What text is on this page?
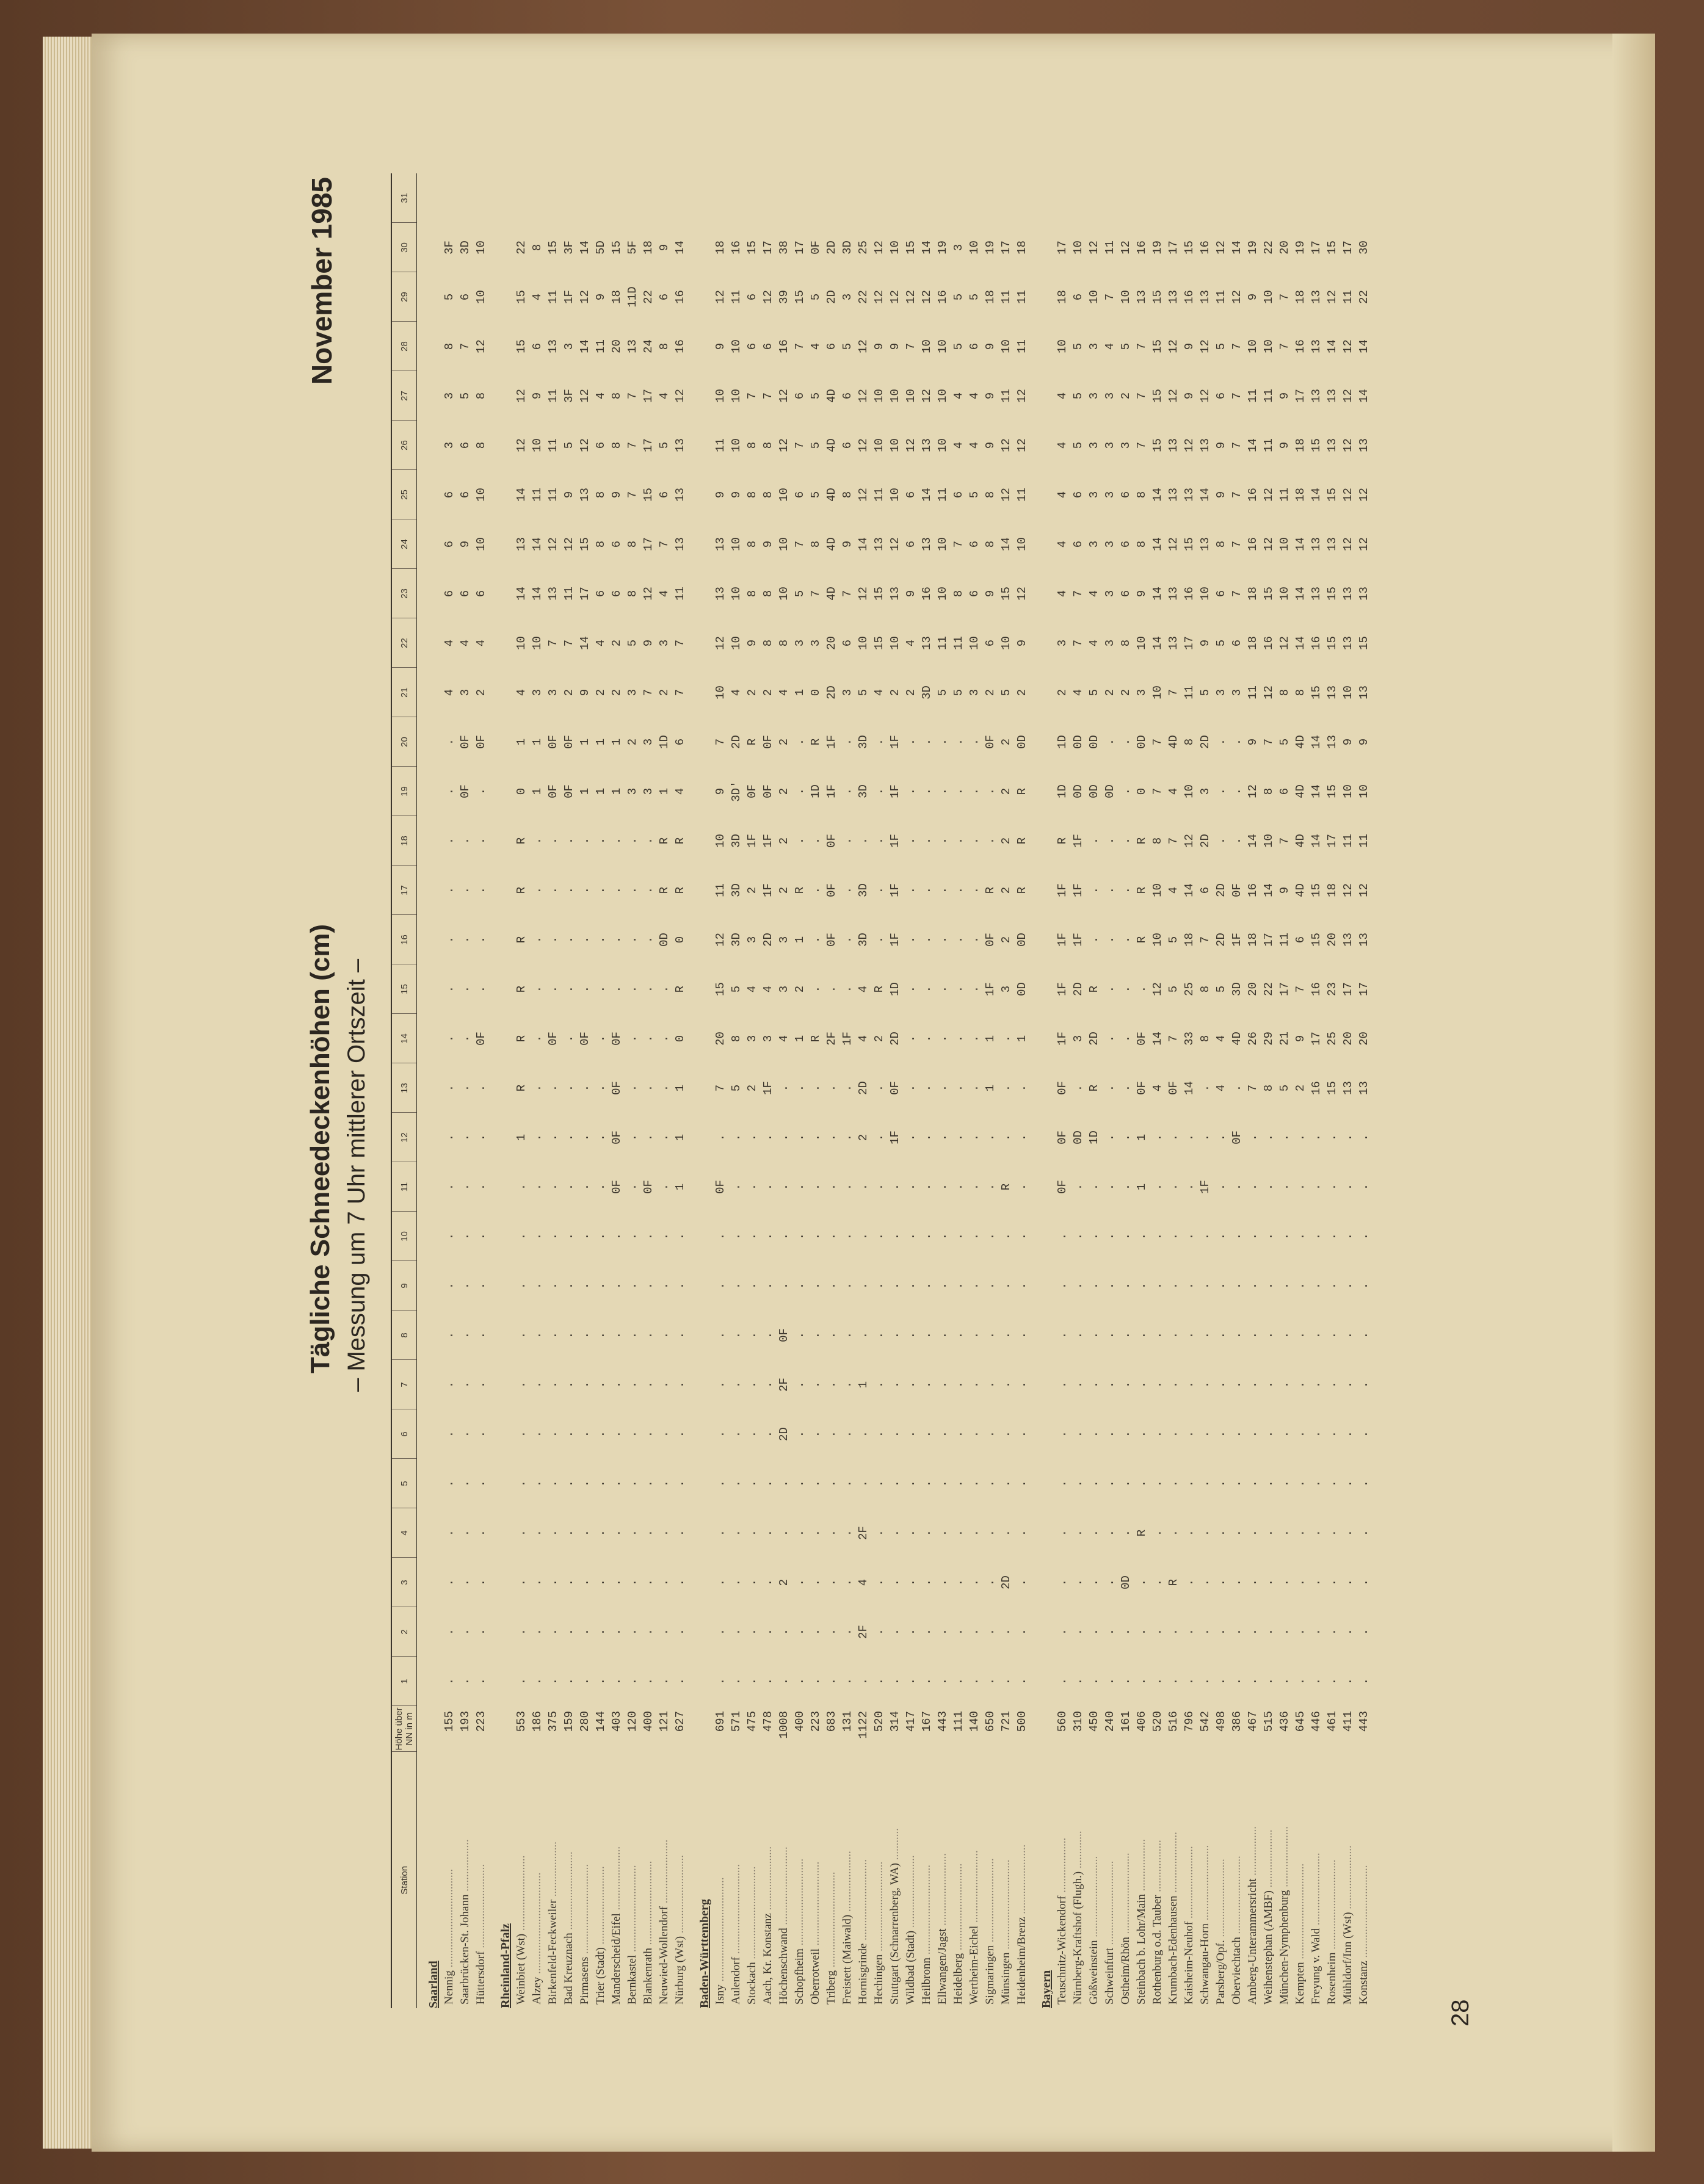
Tägliche Schneedeckenhöhen (cm) – Messung um 7 Uhr mittlerer Ortszeit –
November 1985
28
Station	Höhe über NN in m	1	2	3	4	5	6	7	8	9	10	11	12	13	14	15	16	17	18	19	20	21	22	23	24	25	26	27	28	29	30	31
Saarland																																
Nennig ..................................	155	.	.	.	.	.	.	.	.	.	.	.	.	.	.	.	.	.	.	.	.	4	4	6	6	6	3	3	8	5	3F	
Saarbrücken-St. Johann ..................	193	.	.	.	.	.	.	.	.	.	.	.	.	.	.	.	.	.	.	0F	0F	3	4	6	9	6	6	5	7	6	3D	
Hüttersdorf .............................	223	.	.	.	.	.	.	.	.	.	.	.	.	.	0F	.	.	.	.	.	0F	2	4	6	10	10	8	8	12	10	10	
Rheinland-Pfalz																																
Weinbiet (Wst) ..........................	553	.	.	.	.	.	.	.	.	.	.	.	1	R	R	R	R	R	R	0	1	4	10	14	13	14	12	12	15	15	22	
Alzey ...................................	186	.	.	.	.	.	.	.	.	.	.	.	.	.	.	.	.	.	.	1	1	3	10	14	14	11	10	9	6	4	8	
Birkenfeld-Feckweiler ...................	375	.	.	.	.	.	.	.	.	.	.	.	.	.	0F	.	.	.	.	0F	0F	3	7	13	12	11	11	11	13	11	15	
Bad Kreuznach ...........................	159	.	.	.	.	.	.	.	.	.	.	.	.	.	.	.	.	.	.	0F	0F	2	7	11	12	9	5	3F	3	1F	3F	
Pirmasens ...............................	280	.	.	.	.	.	.	.	.	.	.	.	.	.	0F	.	.	.	.	1	1	9	14	17	15	13	12	12	14	12	14	
Trier (Stadt) ...........................	144	.	.	.	.	.	.	.	.	.	.	.	.	.	.	.	.	.	.	1	1	2	4	6	8	8	6	4	11	9	5D	
Manderscheid/Eifel ......................	403	.	.	.	.	.	.	.	.	.	.	0F	0F	0F	0F	.	.	.	.	1	1	2	2	6	6	9	8	8	20	18	15	
Bernkastel ..............................	120	.	.	.	.	.	.	.	.	.	.	.	.	.	.	.	.	.	.	3	2	3	5	8	8	7	7	7	13	11D	5F	
Blankenrath .............................	400	.	.	.	.	.	.	.	.	.	.	0F	.	.	.	.	.	.	.	3	3	7	9	12	17	15	17	17	24	22	18	
Neuwied-Wollendorf ......................	121	.	.	.	.	.	.	.	.	.	.	.	.	.	.	.	0D	R	R	1	1D	2	3	4	7	6	5	4	8	6	9	
Nürburg (Wst) ...........................	627	.	.	.	.	.	.	.	.	.	.	1	1	1	0	R	0	R	R	4	6	7	7	11	13	13	13	12	16	16	14	
Baden-Württemberg																																
Isny ....................................	691	.	.	.	.	.	.	.	.	.	.	0F	.	7	20	15	12	11	10	9	7	10	12	13	13	9	11	10	9	12	18	
Aulendorf ...............................	571	.	.	.	.	.	.	.	.	.	.	.	.	5	8	5	3D	3D	3D	3D'	2D	4	10	10	10	9	10	10	10	11	16	
Stockach ................................	475	.	.	.	.	.	.	.	.	.	.	.	.	2	3	4	3	2	1F	0F	R	2	9	8	8	8	8	7	6	6	15	
Aach, Kr. Konstanz ......................	478	.	.	.	.	.	.	.	.	.	.	.	.	1F	3	4	2D	1F	1F	0F	0F	2	8	8	9	8	8	7	6	12	17	
Höchenschwand ...........................	1008	.	.	2	.	.	2D	2F	0F	.	.	.	.	.	4	3	3	2	2	2	2	4	8	10	10	10	12	12	16	39	38	
Schopfheim ..............................	400	.	.	.	.	.	.	.	.	.	.	.	.	.	1	2	1	R	.	.	.	1	3	5	7	6	7	6	7	15	17	
Oberrotweil .............................	223	.	.	.	.	.	.	.	.	.	.	.	.	.	R	.	.	.	.	1D	R	0	3	7	8	5	5	5	4	5	0F	
Triberg .................................	683	.	.	.	.	.	.	.	.	.	.	.	.	.	2F	.	0F	0F	0F	1F	1F	2D	20	4D	4D	4D	4D	4D	6	2D	2D	
Freistett (Maiwald) .....................	131	.	.	.	.	.	.	.	.	.	.	.	.	.	1F	.	.	.	.	.	.	3	6	7	9	8	6	6	5	3	3D	
Hornisgrinde ............................	1122	.	2F	4	2F	.	.	1	.	.	.	.	2	2D	4	4	3D	3D	.	3D	3D	5	10	12	14	12	12	12	12	22	25	
Hechingen ...............................	520	.	.	.	.	.	.	.	.	.	.	.	.	.	2	R	.	.	.	.	.	4	15	15	13	11	10	10	9	12	12	
Stuttgart (Schnarrenberg, WA) ...........	314	.	.	.	.	.	.	.	.	.	.	.	1F	0F	2D	1D	1F	1F	1F	1F	1F	2	10	13	12	10	10	10	9	12	10	
Wildbad (Stadt) .........................	417	.	.	.	.	.	.	.	.	.	.	.	.	.	.	.	.	.	.	.	.	2	4	9	6	6	12	10	7	12	15	
Heilbronn ...............................	167	.	.	.	.	.	.	.	.	.	.	.	.	.	.	.	.	.	.	.	.	3D	13	16	13	14	13	12	10	12	14	
Ellwangen/Jagst .........................	443	.	.	.	.	.	.	.	.	.	.	.	.	.	.	.	.	.	.	.	.	5	11	10	10	11	10	10	10	16	19	
Heidelberg ..............................	111	.	.	.	.	.	.	.	.	.	.	.	.	.	.	.	.	.	.	.	.	5	11	8	7	6	4	4	5	5	3	
Wertheim-Eichel .........................	140	.	.	.	.	.	.	.	.	.	.	.	.	.	.	.	.	.	.	.	.	3	10	6	6	5	4	4	6	5	10	
Sigmaringen .............................	650	.	.	.	.	.	.	.	.	.	.	.	.	1	1	1F	0F	R	.	.	0F	2	6	9	8	8	9	9	9	18	19	
Münsingen ...............................	721	.	.	2D	.	.	.	.	.	.	.	R	.	.	.	3	2	2	2	2	2	5	10	15	14	12	12	11	10	11	17	
Heidenheim/Brenz ........................	500	.	.	.	.	.	.	.	.	.	.	.	.	.	1	0D	0D	R	R	R	0D	2	9	12	10	11	12	12	11	11	18	
Bayern																																
Teuschnitz-Wickendorf ...................	560	.	.	.	.	.	.	.	.	.	.	0F	0F	0F	1F	1F	1F	1F	R	1D	1D	2	3	4	4	4	4	4	10	18	17	
Nürnberg-Kraftshof (Flugh.) .............	310	.	.	.	.	.	.	.	.	.	.	.	0D	.	3	2D	1F	1F	1F	0D	0D	4	7	7	6	6	5	5	5	6	10	
Gößweinstein ............................	450	.	.	.	.	.	.	.	.	.	.	.	1D	R	2D	R	.	.	.	0D	0D	5	4	4	3	3	3	3	3	10	12	
Schweinfurt .............................	240	.	.	.	.	.	.	.	.	.	.	.	.	.	.	.	.	.	.	0D	.	2	3	3	3	3	3	3	4	7	11	
Ostheim/Rhön ............................	161	.	.	0D	.	.	.	.	.	.	.	.	.	.	.	.	.	.	.	.	.	2	8	6	6	6	3	2	5	10	12	
Steinbach b. Lohr/Main ..................	406	.	.	.	R	.	.	.	.	.	.	1	1	0F	0F	.	R	R	R	0	0D	3	10	9	8	8	7	7	7	13	16	
Rothenburg o.d. Tauber ..................	520	.	.	.	.	.	.	.	.	.	.	.	.	4	14	12	10	10	8	7	7	10	14	14	14	14	15	15	15	15	19	
Krumbach-Edenhausen .....................	516	.	.	R	.	.	.	.	.	.	.	.	.	0F	7	5	5	4	7	4	4D	7	13	13	12	13	13	12	12	13	17	
Kaisheim-Neuhof .........................	796	.	.	.	.	.	.	.	.	.	.	.	.	14	33	25	18	14	12	10	8	11	17	16	15	13	12	9	9	16	15	
Schwangau-Horn ..........................	542	.	.	.	.	.	.	.	.	.	.	1F	.	.	8	8	7	6	2D	3	2D	5	9	10	13	14	13	12	12	13	16	
Parsberg/Opf. ...........................	498	.	.	.	.	.	.	.	.	.	.	.	.	4	4	5	2D	2D	.	.	.	3	5	6	8	9	9	6	5	11	12	
Oberviechtach ...........................	386	.	.	.	.	.	.	.	.	.	.	.	0F	.	4D	3D	1F	0F	.	.	.	3	6	7	7	7	7	7	7	12	14	
Amberg-Unterammersricht .................	467	.	.	.	.	.	.	.	.	.	.	.	.	7	26	20	18	16	14	12	9	11	18	18	16	16	14	11	10	9	19	
Weihenstephan (AMBF) ....................	515	.	.	.	.	.	.	.	.	.	.	.	.	8	29	22	17	14	10	8	7	12	16	15	12	12	11	11	10	10	22	
München-Nymphenburg .....................	436	.	.	.	.	.	.	.	.	.	.	.	.	5	21	17	11	9	7	6	5	8	12	10	10	11	9	9	7	7	20	
Kempten .................................	645	.	.	.	.	.	.	.	.	.	.	.	.	2	9	7	6	4D	4D	4D	4D	8	14	14	14	18	18	17	16	18	19	
Freyung v. Wald .........................	446	.	.	.	.	.	.	.	.	.	.	.	.	16	17	16	15	15	14	14	14	15	16	13	13	14	15	13	13	13	17	
Rosenheim ...............................	461	.	.	.	.	.	.	.	.	.	.	.	.	15	25	23	20	18	17	15	13	13	15	15	13	15	13	13	14	12	15	
Mühldorf/Inn (Wst) ......................	411	.	.	.	.	.	.	.	.	.	.	.	.	13	20	17	13	12	11	10	9	10	13	13	12	12	12	12	12	11	17	
Konstanz ................................	443	.	.	.	.	.	.	.	.	.	.	.	.	13	20	17	13	12	11	10	9	13	15	13	12	12	13	14	14	22	30	
